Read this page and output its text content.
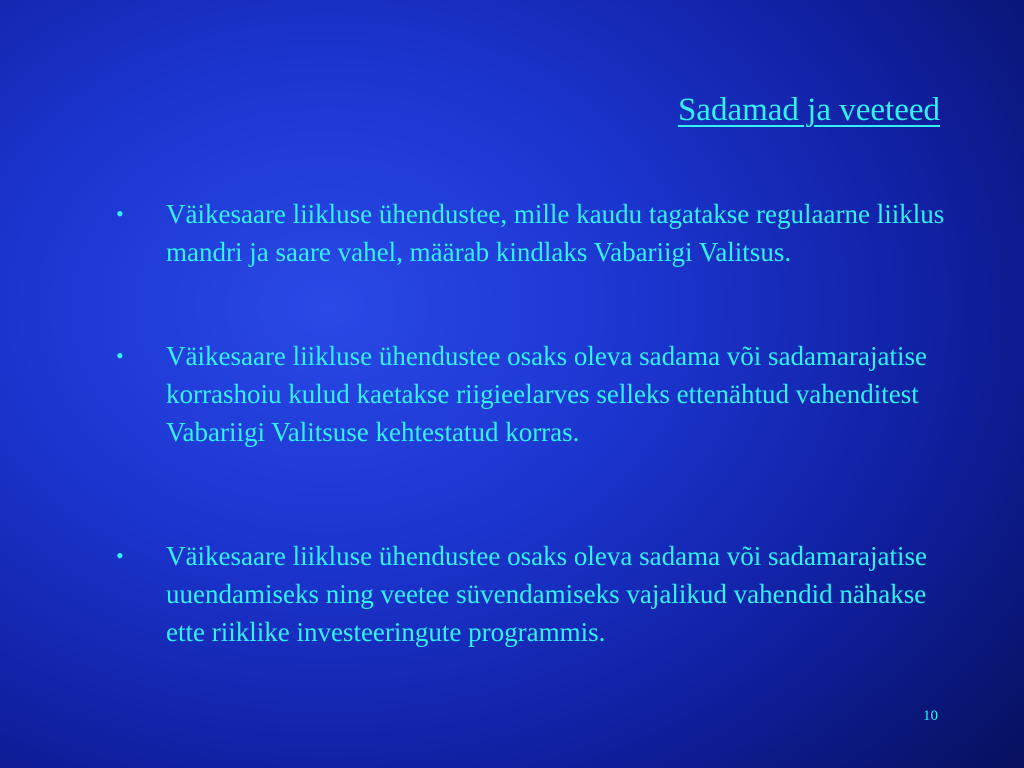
Sadamad ja veeteed
•	Väikesaare liikluse ühendustee, mille kaudu tagatakse regulaarne liiklus mandri ja saare vahel, määrab kindlaks Vabariigi Valitsus.
•	Väikesaare liikluse ühendustee osaks oleva sadama või sadamarajatise korrashoiu kulud kaetakse riigieelarves selleks ettenähtud vahenditest Vabariigi Valitsuse kehtestatud korras.
•	Väikesaare liikluse ühendustee osaks oleva sadama või sadamarajatise uuendamiseks ning veetee süvendamiseks vajalikud vahendid nähakse ette riiklike investeeringute programmis.
10
